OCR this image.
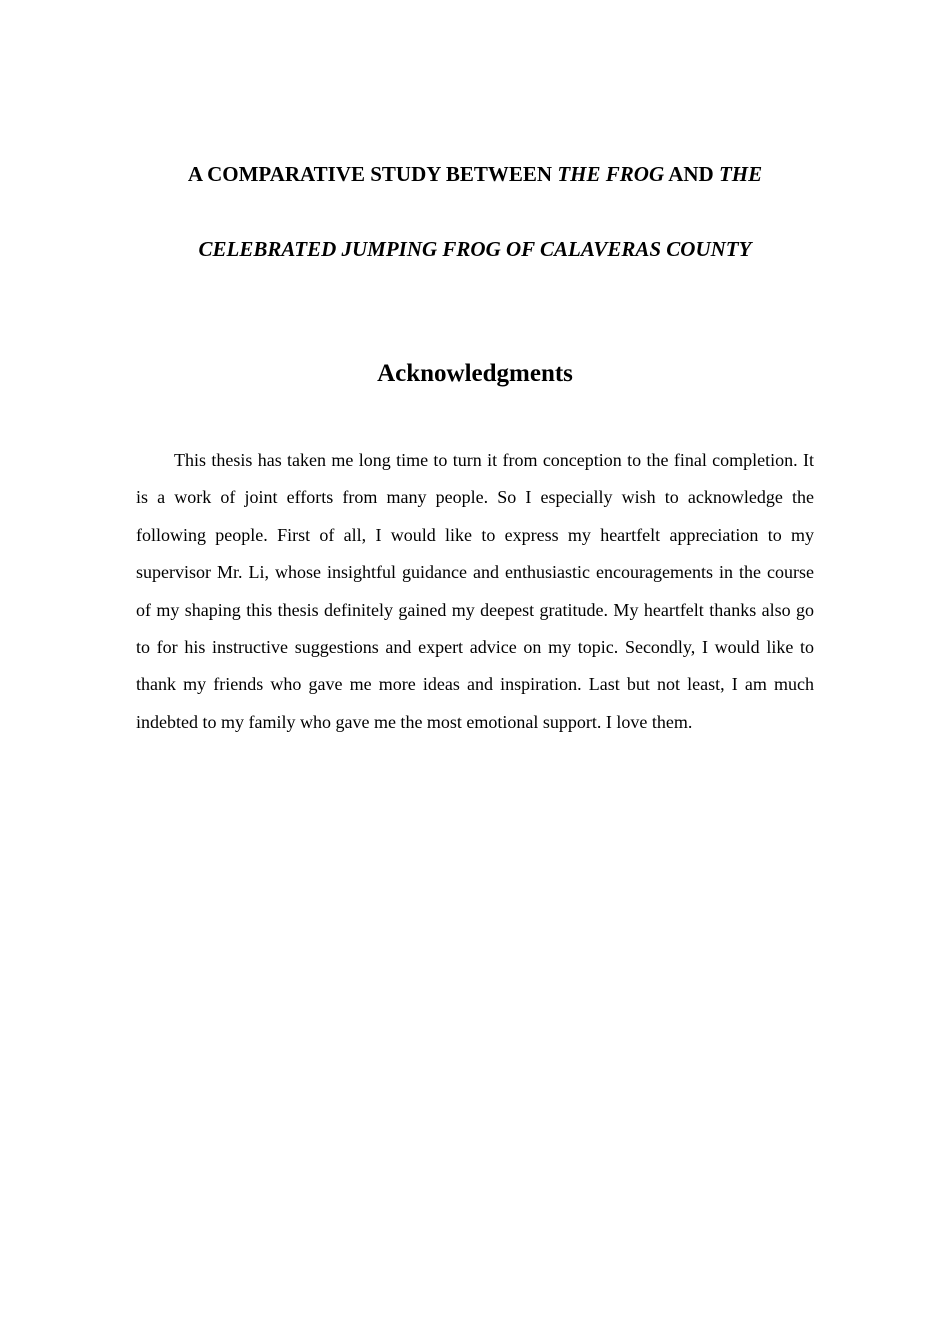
A COMPARATIVE STUDY BETWEEN THE FROG AND THE
CELEBRATED JUMPING FROG OF CALAVERAS COUNTY
Acknowledgments

This thesis has taken me long time to turn it from conception to the final completion. It is a work of joint efforts from many people. So I especially wish to acknowledge the following people. First of all, I would like to express my heartfelt appreciation to my supervisor Mr. Li, whose insightful guidance and enthusiastic encouragements in the course of my shaping this thesis definitely gained my deepest gratitude. My heartfelt thanks also go to for his instructive suggestions and expert advice on my topic. Secondly, I would like to thank my friends who gave me more ideas and inspiration. Last but not least, I am much indebted to my family who gave me the most emotional support. I love them.
